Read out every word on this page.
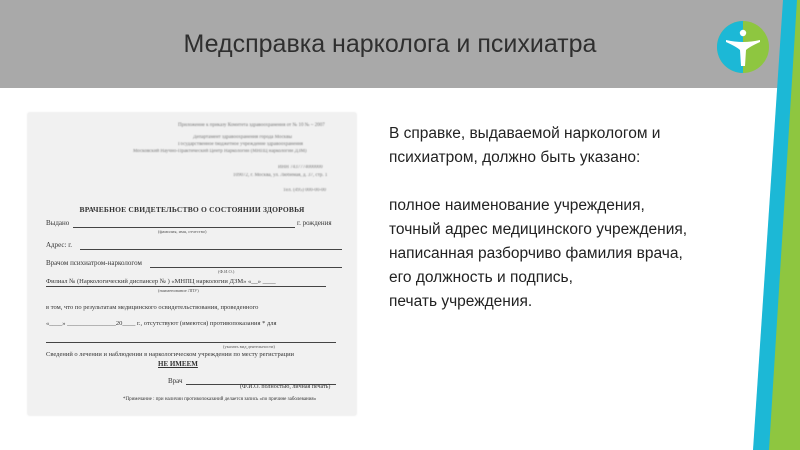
Медсправка нарколога и психиатра
Приложение к приказу Комитета здравоохранения от № 10 № ~ 2007
Департамент здравоохранения города Москвы
Государственное бюджетное учреждение здравоохранения
Московский Научно-Практический Центр Наркологии (МНПЦ наркологии ДЗМ)
ИНН 7437774000000
109072, г. Москва, ул. Любимая, д. 37, стр. 1
Тел. (495) 000-00-00
ВРАЧЕБНОЕ СВИДЕТЕЛЬСТВО О СОСТОЯНИИ ЗДОРОВЬЯ
Выдано	г. рождения
(фамилия, имя, отчество)
Адрес: г.
Врачом психиатром-наркологом
(Ф.И.О.)
Филиал № (Наркологический диспансер № ) «МНПЦ наркологии ДЗМ» «__» ____
(наименование ЛПУ)
в том, что по результатам медицинского освидетельствования, проведенного
«____» _______________20____ г., отсутствуют (имеются) противопоказания * для
(указать вид деятельности)
Сведений о лечении и наблюдении в наркологическом учреждении по месту регистрации
НЕ ИМЕЕМ
Врач
(Ф.И.О. полностью, личная печать)
*Примечание : при наличии противопоказаний делается запись «по причине заболевания»
В справке, выдаваемой наркологом и
психиатром, должно быть указано:

полное наименование учреждения,
точный адрес медицинского учреждения,
написанная разборчиво фамилия врача,
его должность и подпись,
печать учреждения.
